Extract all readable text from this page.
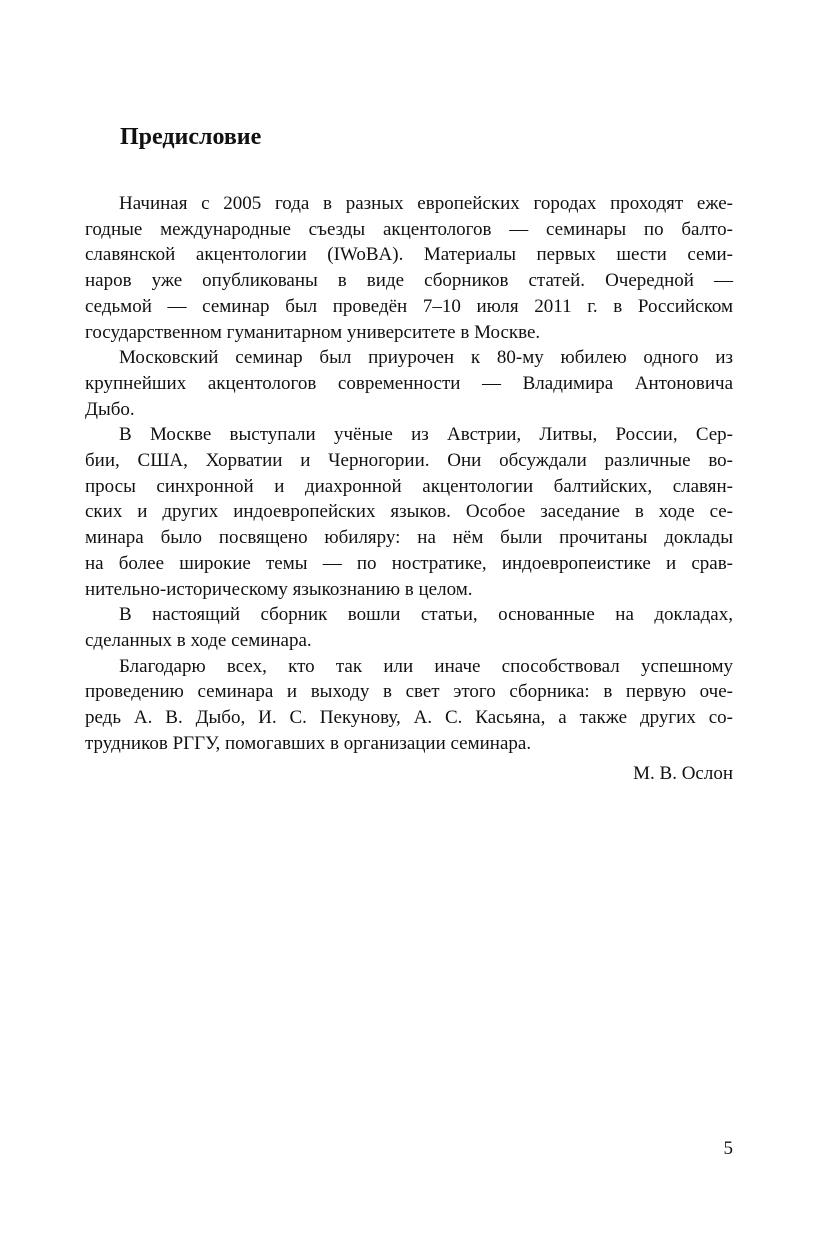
Предисловие
Начиная с 2005 года в разных европейских городах проходят еже-
годные международные съезды акцентологов — семинары по балто-
славянской акцентологии (IWoBA). Материалы первых шести семи-
наров уже опубликованы в виде сборников статей. Очередной —
седьмой — семинар был проведён 7–10 июля 2011 г. в Российском
государственном гуманитарном университете в Москве.
Московский семинар был приурочен к 80-му юбилею одного из
крупнейших акцентологов современности — Владимира Антоновича
Дыбо.
В Москве выступали учёные из Австрии, Литвы, России, Сер-
бии, США, Хорватии и Черногории. Они обсуждали различные во-
просы синхронной и диахронной акцентологии балтийских, славян-
ских и других индоевропейских языков. Особое заседание в ходе се-
минара было посвящено юбиляру: на нём были прочитаны доклады
на более широкие темы — по ностратике, индоевропеистике и срав-
нительно-историческому языкознанию в целом.
В настоящий сборник вошли статьи, основанные на докладах,
сделанных в ходе семинара.
Благодарю всех, кто так или иначе способствовал успешному
проведению семинара и выходу в свет этого сборника: в первую оче-
редь А. В. Дыбо, И. С. Пекунову, А. С. Касьяна, а также других со-
трудников РГГУ, помогавших в организации семинара.
М. В. Ослон
5
